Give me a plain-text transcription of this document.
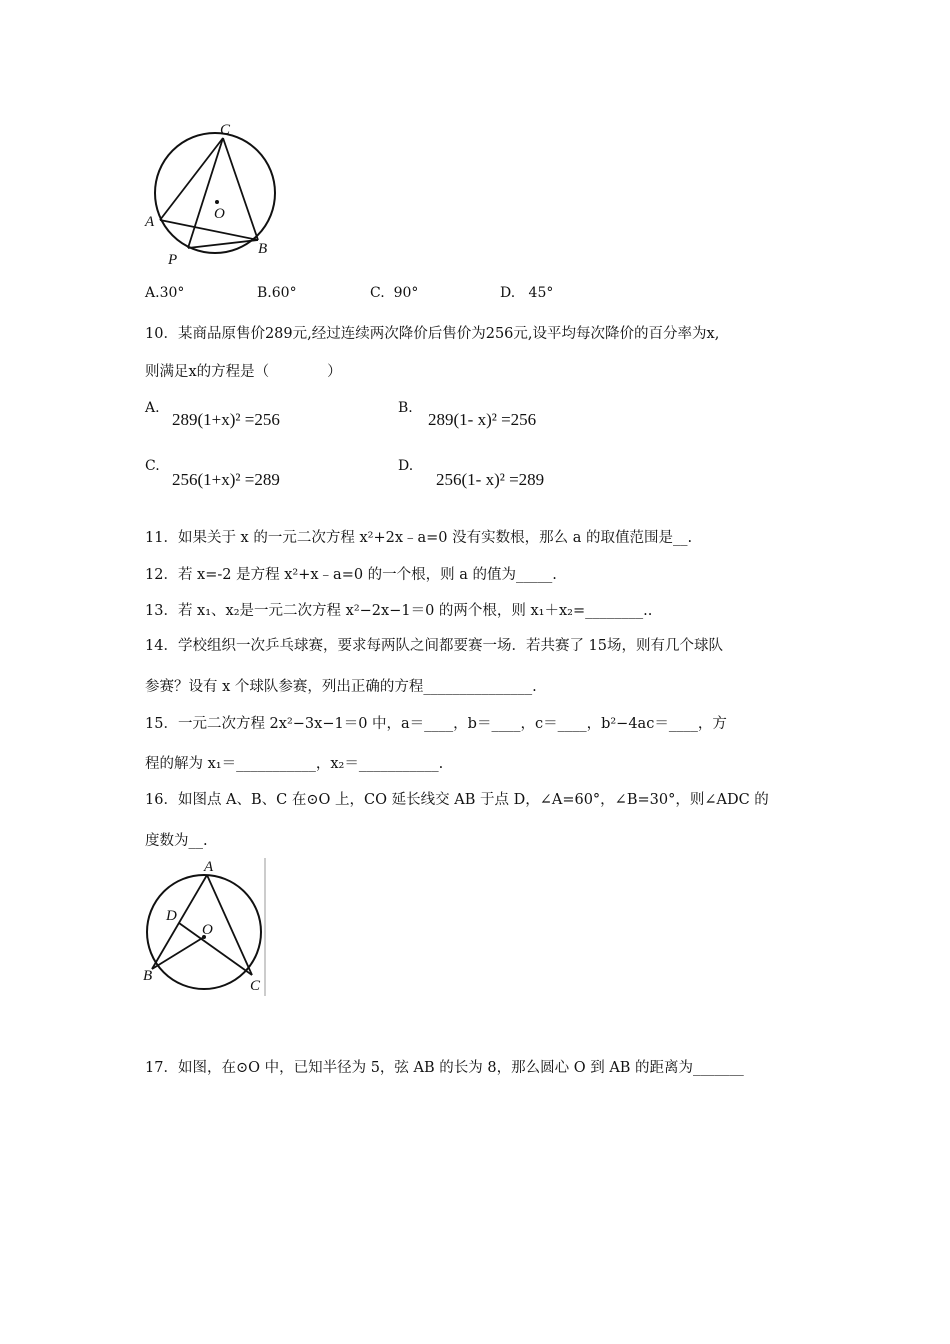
C
O
A
P
B
A.30°	B.60°	C. 90°	D. 45°
10．某商品原售价289元,经过连续两次降价后售价为256元,设平均每次降价的百分率为x,
则满足x的方程是（　　　　）
A.
289(1+x)² =256
B.
289(1- x)² =256
C.
256(1+x)² =289
D.
256(1- x)² =289
11．如果关于 x 的一元二次方程 x²+2x﹣a=0 没有实数根，那么 a 的取值范围是__.
12．若 x=-2 是方程 x²+x﹣a=0 的一个根，则 a 的值为_____.
13．若 x₁、x₂是一元二次方程 x²−2x−1＝0 的两个根，则 x₁＋x₂=________..
14．学校组织一次乒乓球赛，要求每两队之间都要赛一场．若共赛了 15场，则有几个球队
参赛？设有 x 个球队参赛，列出正确的方程_______________.
15．一元二次方程 2x²−3x−1＝0 中，a＝____，b＝____，c＝____，b²−4ac＝____，方
程的解为 x₁＝___________，x₂＝___________.
16．如图点 A、B、C 在⊙O 上，CO 延长线交 AB 于点 D，∠A=60°，∠B=30°，则∠ADC 的
度数为__.
A
D
O
B
C
17．如图，在⊙O 中，已知半径为 5，弦 AB 的长为 8，那么圆心 O 到 AB 的距离为_______
